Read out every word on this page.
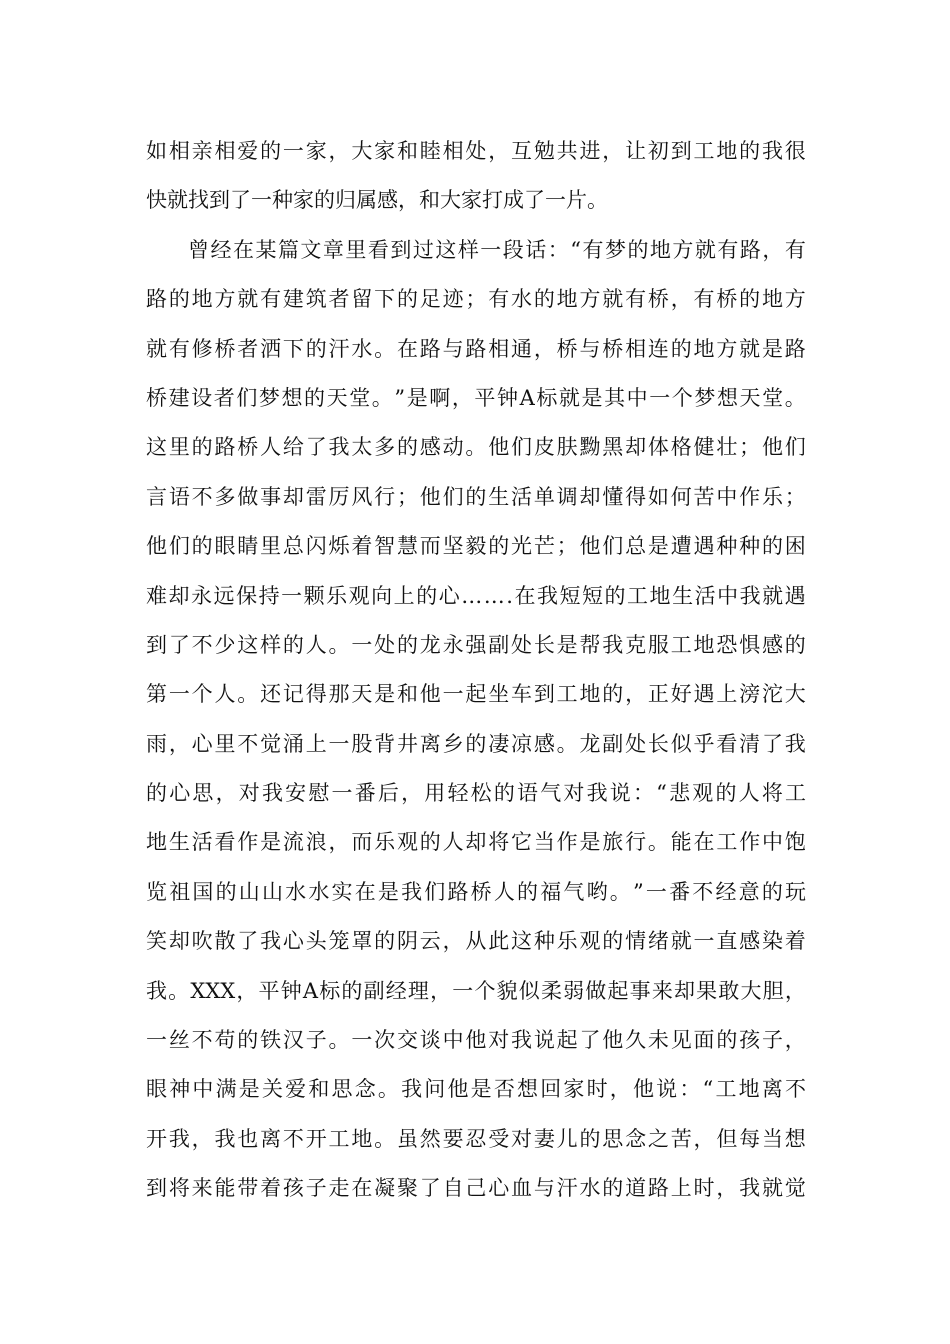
如 相 亲 相 爱 的 一 家 ， 大 家 和 睦 相 处 ， 互 勉 共 进 ， 让 初 到 工 地 的 我 很
快就找到了一种家的归属感，和大家打成了一片。
曾 经 在 某 篇 文 章 里 看 到 过 这 样 一 段 话 ： “ 有 梦 的 地 方 就 有 路 ， 有
路 的 地 方 就 有 建 筑 者 留 下 的 足 迹 ； 有 水 的 地 方 就 有 桥 ， 有 桥 的 地 方
就 有 修 桥 者 洒 下 的 汗 水 。 在 路 与 路 相 通 ， 桥 与 桥 相 连 的 地 方 就 是 路
桥 建 设 者 们 梦 想 的 天 堂 。 ” 是 啊 ， 平 钟 A 标 就 是 其 中 一 个 梦 想 天 堂 。
这 里 的 路 桥 人 给 了 我 太 多 的 感 动 。 他 们 皮 肤 黝 黑 却 体 格 健 壮 ； 他 们
言 语 不 多 做 事 却 雷 厉 风 行 ； 他 们 的 生 活 单 调 却 懂 得 如 何 苦 中 作 乐 ；
他 们 的 眼 睛 里 总 闪 烁 着 智 慧 而 坚 毅 的 光 芒 ； 他 们 总 是 遭 遇 种 种 的 困
难 却 永 远 保 持 一 颗 乐 观 向 上 的 心 … … . 在 我 短 短 的 工 地 生 活 中 我 就 遇
到 了 不 少 这 样 的 人 。 一 处 的 龙 永 强 副 处 长 是 帮 我 克 服 工 地 恐 惧 感 的
第 一 个 人 。 还 记 得 那 天 是 和 他 一 起 坐 车 到 工 地 的 ， 正 好 遇 上 滂 沱 大
雨 ， 心 里 不 觉 涌 上 一 股 背 井 离 乡 的 凄 凉 感 。 龙 副 处 长 似 乎 看 清 了 我
的 心 思 ， 对 我 安 慰 一 番 后 ， 用 轻 松 的 语 气 对 我 说 ： “ 悲 观 的 人 将 工
地 生 活 看 作 是 流 浪 ， 而 乐 观 的 人 却 将 它 当 作 是 旅 行 。 能 在 工 作 中 饱
览 祖 国 的 山 山 水 水 实 在 是 我 们 路 桥 人 的 福 气 哟 。 ” 一 番 不 经 意 的 玩
笑 却 吹 散 了 我 心 头 笼 罩 的 阴 云 ， 从 此 这 种 乐 观 的 情 绪 就 一 直 感 染 着
我 。 XXX ， 平 钟 A 标 的 副 经 理 ， 一 个 貌 似 柔 弱 做 起 事 来 却 果 敢 大 胆 ，
一 丝 不 苟 的 铁 汉 子 。 一 次 交 谈 中 他 对 我 说 起 了 他 久 未 见 面 的 孩 子 ，
眼 神 中 满 是 关 爱 和 思 念 。 我 问 他 是 否 想 回 家 时 ， 他 说 ： “ 工 地 离 不
开 我 ， 我 也 离 不 开 工 地 。 虽 然 要 忍 受 对 妻 儿 的 思 念 之 苦 ， 但 每 当 想
到 将 来 能 带 着 孩 子 走 在 凝 聚 了 自 己 心 血 与 汗 水 的 道 路 上 时 ， 我 就 觉
